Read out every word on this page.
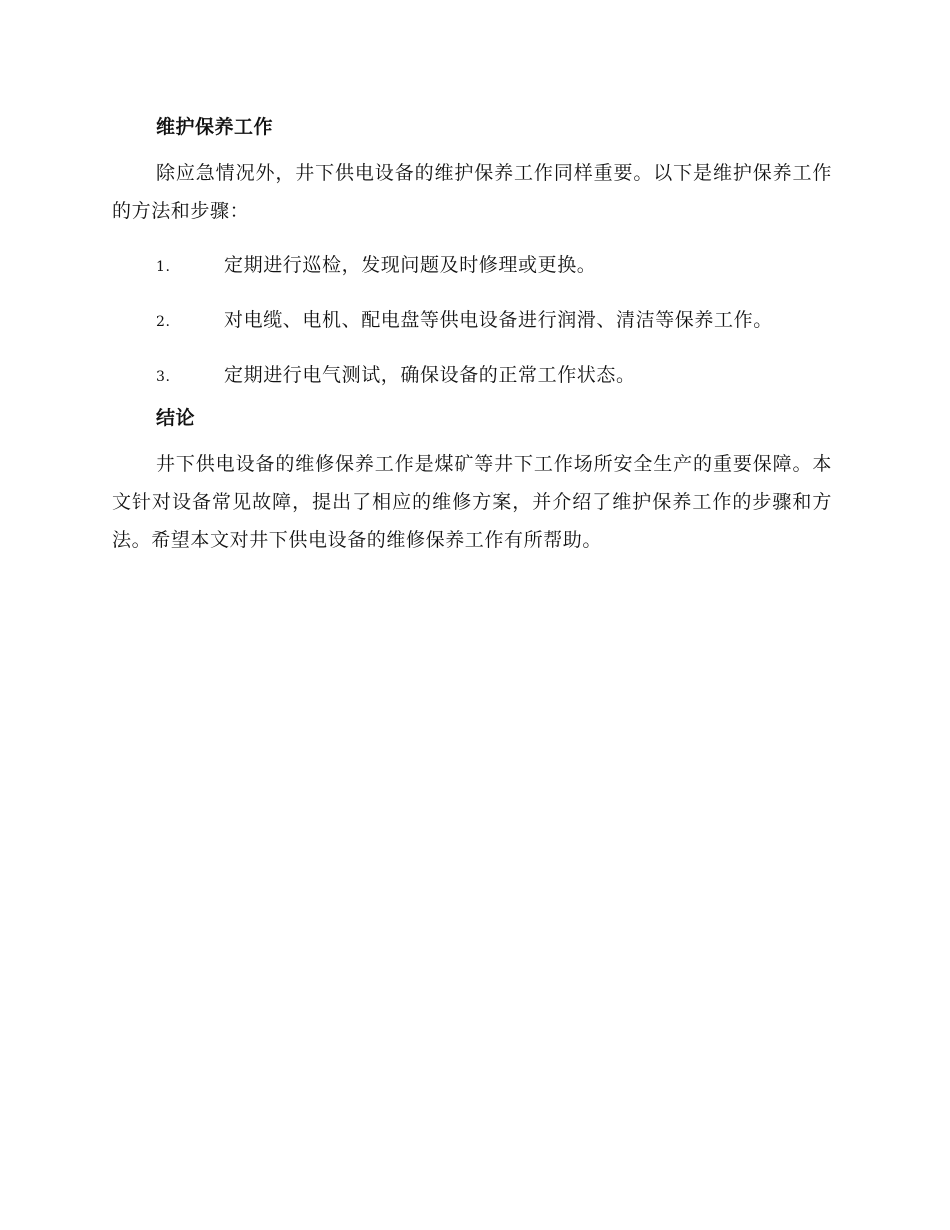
维护保养工作

除应急情况外，井下供电设备的维护保养工作同样重要。以下是维护保养工作的方法和步骤：

1.	定期进行巡检，发现问题及时修理或更换。
2.	对电缆、电机、配电盘等供电设备进行润滑、清洁等保养工作。
3.	定期进行电气测试，确保设备的正常工作状态。
结论

井下供电设备的维修保养工作是煤矿等井下工作场所安全生产的重要保障。本文针对设备常见故障，提出了相应的维修方案，并介绍了维护保养工作的步骤和方法。希望本文对井下供电设备的维修保养工作有所帮助。
